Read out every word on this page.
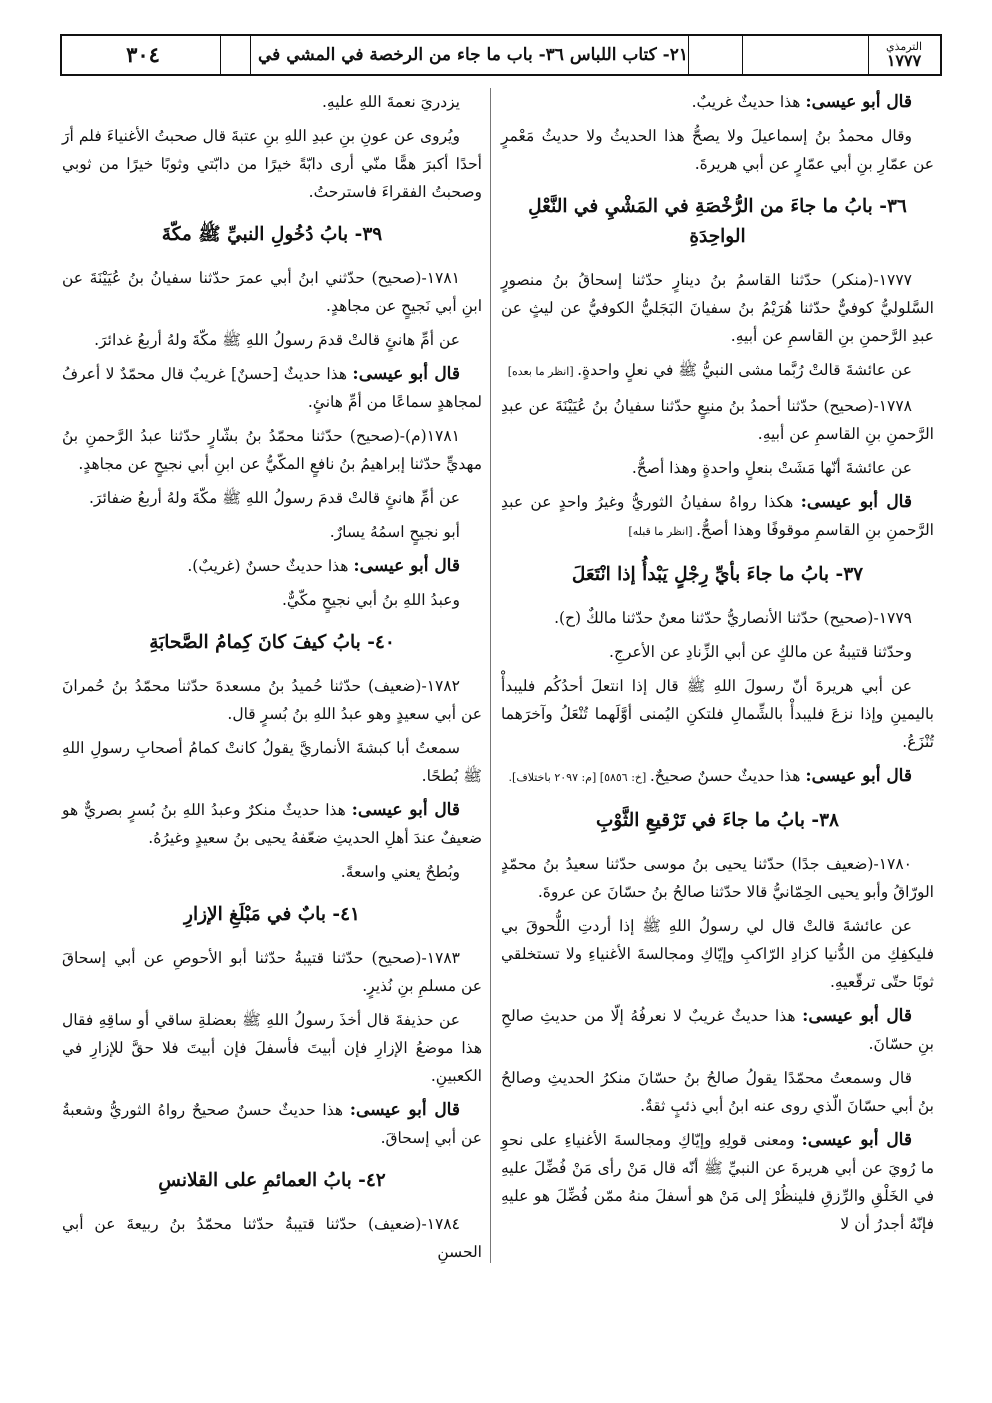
الترمذي
١٧٧٧
٢١- كتاب اللباس ٣٦- باب ما جاء من الرخصة في المشي في
٣٠٤

قال أبو عيسى: هذا حديثٌ غريبٌ.

وقال محمدُ بنُ إسماعيلَ ولا يصحُّ هذا الحديثُ ولا حديثُ مَعْمرٍ عن عمّارِ بنِ أبي عمّارٍ عن أبي هريرةَ.

٣٦- بابُ ما جاءَ من الرُّخْصَةِ في المَشْيِ في النَّعْلِ الواحِدَةِ

١٧٧٧-(منكر) حدّثنا القاسمُ بنُ دينارٍ حدّثنا إسحاقُ بنُ منصورٍ السَّلوليُّ كوفيٌّ حدّثنا هُرَيْمُ بنُ سفيانَ البَجَليُّ الكوفيُّ عن ليثٍ عن عبدِ الرَّحمنِ بنِ القاسمِ عن أبيهِ.

عن عائشةَ قالتْ رُبَّما مشى النبيُّ ﷺ في نعلٍ واحدةٍ. [انظر ما بعده]

١٧٧٨-(صحيح) حدّثنا أحمدُ بنُ منيعٍ حدّثنا سفيانُ بنُ عُيَيْنَةَ عن عبدِ الرَّحمنِ بنِ القاسمِ عن أبيهِ.

عن عائشةَ أنّها مَشَتْ بنعلٍ واحدةٍ وهذا أصحُّ.

قال أبو عيسى: هكذا رواهُ سفيانُ الثوريُّ وغيرُ واحدٍ عن عبدِ الرَّحمنِ بنِ القاسمِ موقوفًا وهذا أصحُّ. [انظر ما قبله]

٣٧- بابُ ما جاءَ بأيِّ رِجْلٍ يَبْدأُ إذا انْتَعَلَ

١٧٧٩-(صحيح) حدّثنا الأنصاريُّ حدّثنا معنٌ حدّثنا مالكٌ (ح).

وحدّثنا قتيبةُ عن مالكٍ عن أبي الزِّنادِ عن الأعرجِ.

عن أبي هريرةَ أنّ رسولَ اللهِ ﷺ قال إذا انتعلَ أحدُكُم فليبدأْ باليمينِ وإذا نزعَ فليبدأْ بالشِّمالِ فلتكنِ اليُمنى أوَّلَهما تُنْعَلُ وآخرَهما تُنْزَعُ.

قال أبو عيسى: هذا حديثٌ حسنٌ صحيحٌ. [خ: ٥٨٥٦] [م: ٢٠٩٧ باختلاف].

٣٨- بابُ ما جاءَ في تَرْقيعِ الثَّوْبِ

١٧٨٠-(ضعيف جدًا) حدّثنا يحيى بنُ موسى حدّثنا سعيدُ بنُ محمّدٍ الورّاقُ وأبو يحيى الحِمّانيُّ قالا حدّثنا صالحُ بنُ حسّانَ عن عروةَ.

عن عائشةَ قالتْ قال لي رسولُ اللهِ ﷺ إذا أردتِ اللُّحوقَ بي فليكفِكِ من الدُّنيا كزادِ الرّاكبِ وإيّاكِ ومجالسةَ الأغنياءِ ولا تستخلقي ثوبًا حتّى ترقّعيهِ.

قال أبو عيسى: هذا حديثٌ غريبٌ لا نعرفُهُ إلّا من حديثِ صالحِ بنِ حسّانَ.

قال وسمعتُ محمّدًا يقولُ صالحُ بنُ حسّانَ منكرُ الحديثِ وصالحُ بنُ أبي حسّانَ الّذي روى عنه ابنُ أبي ذئبٍ ثقةٌ.

قال أبو عيسى: ومعنى قولِهِ وإيّاكِ ومجالسةَ الأغنياءِ على نحوِ ما رُويَ عن أبي هريرةَ عن النبيِّ ﷺ أنّه قال مَنْ رأى مَنْ فُضِّلَ عليهِ في الخَلْقِ والرِّزقِ فلينظُرْ إلى مَنْ هو أسفلَ منهُ ممّن فُضِّلَ هو عليهِ فإنّهُ أجدرُ أن لا

يزدريَ نعمةَ اللهِ عليهِ.

ويُروى عن عونِ بنِ عبدِ اللهِ بنِ عتبةَ قال صحبتُ الأغنياءَ فلم أرَ أحدًا أكبرَ همًّا منّي أرى دابّةً خيرًا من دابّتي وثوبًا خيرًا من ثوبي وصحبتُ الفقراءَ فاسترحتُ.

٣٩- بابُ دُخُولِ النبيِّ ﷺ مكّةَ

١٧٨١-(صحيح) حدّثني ابنُ أبي عمرَ حدّثنا سفيانُ بنُ عُيَيْنَةَ عن ابنِ أبي نَجيحٍ عن مجاهدٍ.

عن أمِّ هانئٍ قالتْ قدمَ رسولُ اللهِ ﷺ مكّةَ ولهُ أربعُ غدائرَ.

قال أبو عيسى: هذا حديثٌ [حسنٌ] غريبٌ قال محمّدٌ لا أعرفُ لمجاهدٍ سماعًا من أمِّ هانئٍ.

١٧٨١(م)-(صحيح) حدّثنا محمّدُ بنُ بشّارٍ حدّثنا عبدُ الرَّحمنِ بنُ مهديٍّ حدّثنا إبراهيمُ بنُ نافعٍ المكّيُّ عن ابنِ أبي نجيحٍ عن مجاهدٍ.

عن أمِّ هانئٍ قالتْ قدمَ رسولُ اللهِ ﷺ مكّةَ ولهُ أربعُ ضفائرَ.

أبو نجيحٍ اسمُهُ يسارٌ.

قال أبو عيسى: هذا حديثٌ حسنٌ (غريبٌ).

وعبدُ اللهِ بنُ أبي نجيحٍ مكّيٌّ.

٤٠- بابُ كيفَ كانَ كِمامُ الصَّحابَةِ

١٧٨٢-(ضعيف) حدّثنا حُميدُ بنُ مسعدةَ حدّثنا محمّدُ بنُ حُمرانَ عن أبي سعيدٍ وهو عبدُ اللهِ بنُ بُسرٍ قال.

سمعتُ أبا كبشةَ الأنماريَّ يقولُ كانتْ كمامُ أصحابِ رسولِ اللهِ ﷺ بُطحًا.

قال أبو عيسى: هذا حديثٌ منكرٌ وعبدُ اللهِ بنُ بُسرٍ بصريٌّ هو ضعيفٌ عندَ أهلِ الحديثِ ضعّفهُ يحيى بنُ سعيدٍ وغيرُهُ.

وبُطحٌ يعني واسعةً.

٤١- بابٌ في مَبْلَغِ الإزارِ

١٧٨٣-(صحيح) حدّثنا قتيبةُ حدّثنا أبو الأحوصِ عن أبي إسحاقَ عن مسلمِ بنِ نُذيرٍ.

عن حذيفةَ قال أخذَ رسولُ اللهِ ﷺ بعضلةِ ساقي أو ساقِهِ فقال هذا موضعُ الإزارِ فإن أبيتَ فأسفلَ فإن أبيتَ فلا حقَّ للإزارِ في الكعبينِ.

قال أبو عيسى: هذا حديثٌ حسنٌ صحيحٌ رواهُ الثوريُّ وشعبةُ عن أبي إسحاقَ.

٤٢- بابُ العمائمِ على القلانسِ

١٧٨٤-(ضعيف) حدّثنا قتيبةُ حدّثنا محمّدُ بنُ ربيعةَ عن أبي الحسنِ
